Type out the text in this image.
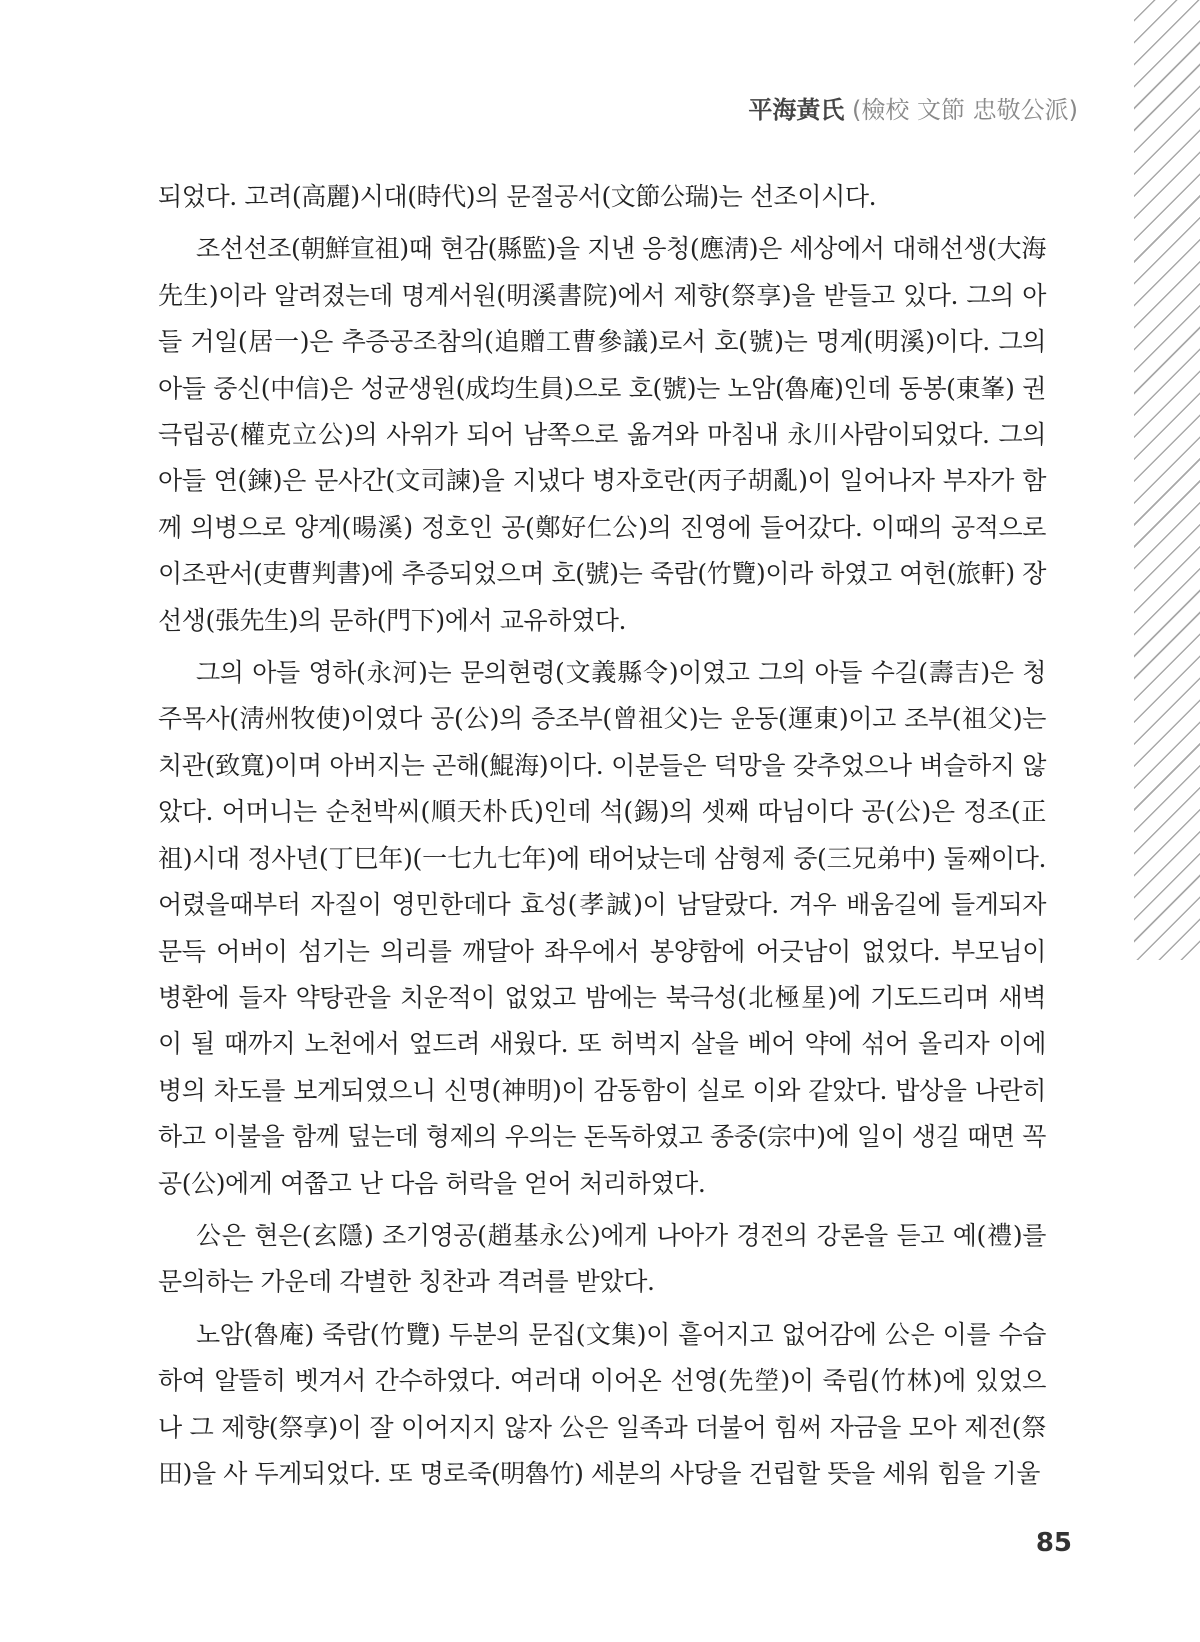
平海黃氏 (檢校 文節 忠敬公派)

되었다. 고려(高麗)시대(時代)의 문절공서(文節公瑞)는 선조이시다.

조선선조(朝鮮宣祖)때 현감(縣監)을 지낸 응청(應淸)은 세상에서 대해선생(大海先生)이라 알려졌는데 명계서원(明溪書院)에서 제향(祭享)을 받들고 있다. 그의 아들 거일(居一)은 추증공조참의(追贈工曹參議)로서 호(號)는 명계(明溪)이다. 그의 아들 중신(中信)은 성균생원(成均生員)으로 호(號)는 노암(魯庵)인데 동봉(東峯) 권극립공(權克立公)의 사위가 되어 남쪽으로 옮겨와 마침내 永川사람이되었다. 그의 아들 연(鍊)은 문사간(文司諫)을 지냈다 병자호란(丙子胡亂)이 일어나자 부자가 함께 의병으로 양계(暘溪) 정호인 공(鄭好仁公)의 진영에 들어갔다. 이때의 공적으로 이조판서(吏曹判書)에 추증되었으며 호(號)는 죽람(竹覽)이라 하였고 여헌(旅軒) 장선생(張先生)의 문하(門下)에서 교유하였다.

그의 아들 영하(永河)는 문의현령(文義縣令)이였고 그의 아들 수길(壽吉)은 청주목사(淸州牧使)이였다 공(公)의 증조부(曾祖父)는 운동(運東)이고 조부(祖父)는 치관(致寬)이며 아버지는 곤해(鯤海)이다. 이분들은 덕망을 갖추었으나 벼슬하지 않았다. 어머니는 순천박씨(順天朴氏)인데 석(錫)의 셋째 따님이다 공(公)은 정조(正祖)시대 정사년(丁巳年)(一七九七年)에 태어났는데 삼형제 중(三兄弟中) 둘째이다. 어렸을때부터 자질이 영민한데다 효성(孝誠)이 남달랐다. 겨우 배움길에 들게되자 문득 어버이 섬기는 의리를 깨달아 좌우에서 봉양함에 어긋남이 없었다. 부모님이 병환에 들자 약탕관을 치운적이 없었고 밤에는 북극성(北極星)에 기도드리며 새벽이 될 때까지 노천에서 엎드려 새웠다. 또 허벅지 살을 베어 약에 섞어 올리자 이에 병의 차도를 보게되였으니 신명(神明)이 감동함이 실로 이와 같았다. 밥상을 나란히 하고 이불을 함께 덮는데 형제의 우의는 돈독하였고 종중(宗中)에 일이 생길 때면 꼭 공(公)에게 여쭙고 난 다음 허락을 얻어 처리하였다.

公은 현은(玄隱) 조기영공(趙基永公)에게 나아가 경전의 강론을 듣고 예(禮)를 문의하는 가운데 각별한 칭찬과 격려를 받았다.

노암(魯庵) 죽람(竹覽) 두분의 문집(文集)이 흩어지고 없어감에 公은 이를 수습하여 알뜰히 벳겨서 간수하였다. 여러대 이어온 선영(先塋)이 죽림(竹林)에 있었으나 그 제향(祭享)이 잘 이어지지 않자 公은 일족과 더불어 힘써 자금을 모아 제전(祭田)을 사 두게되었다. 또 명로죽(明魯竹) 세분의 사당을 건립할 뜻을 세워 힘을 기울

85
